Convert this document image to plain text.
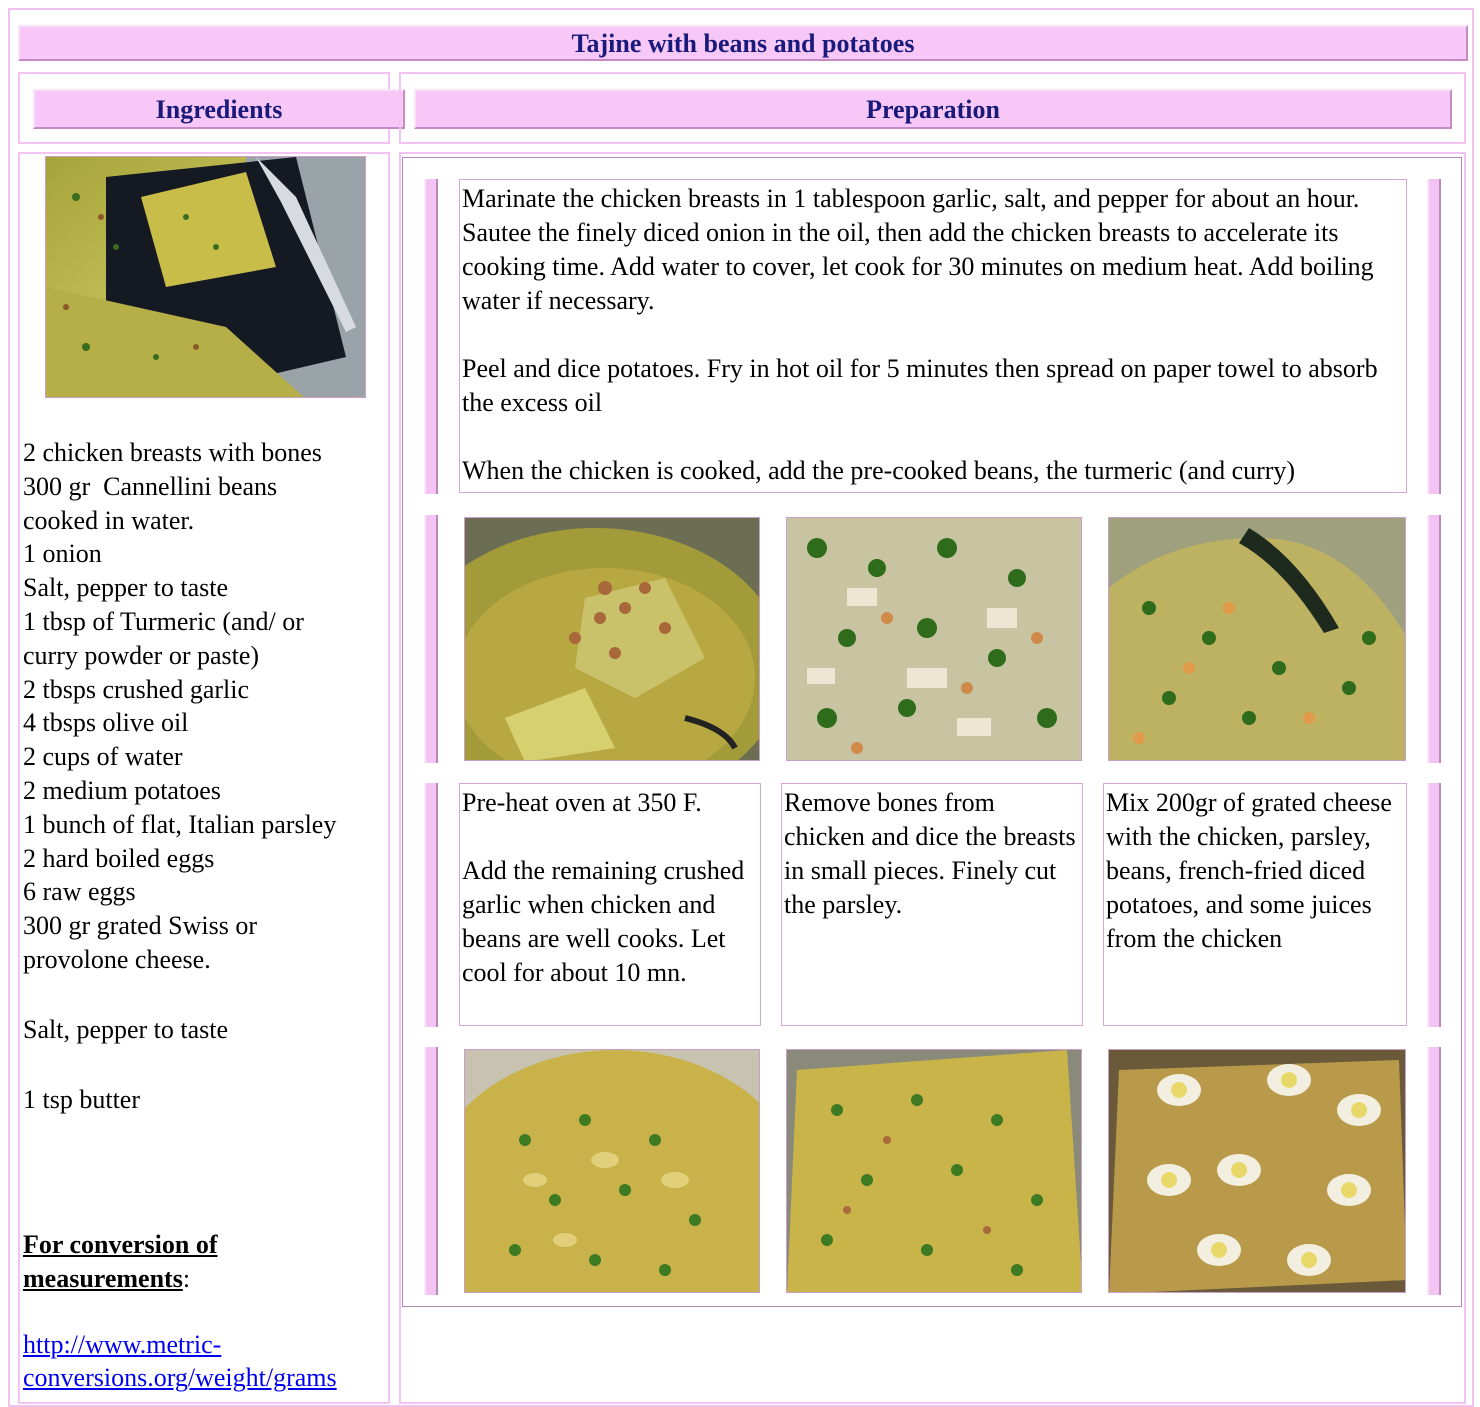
Tajine with beans and potatoes
Ingredients	Preparation

2 chicken breasts with bones

300 gr  Cannellini beans

cooked in water.

1 onion

Salt, pepper to taste

1 tbsp of Turmeric (and/ or

curry powder or paste)

2 tbsps crushed garlic

4 tbsps olive oil

2 cups of water

2 medium potatoes

1 bunch of flat, Italian parsley

2 hard boiled eggs

6 raw eggs

300 gr grated Swiss or

provolone cheese.

Salt, pepper to taste

1 tsp butter

For conversion of measurements:

http://www.metric-
conversions.org/weight/grams

Marinate the chicken breasts in 1 tablespoon garlic, salt, and pepper for about an hour. Sautee the finely diced onion in the oil, then add the chicken breasts to accelerate its cooking time. Add water to cover, let cook for 30 minutes on medium heat. Add boiling water if necessary.

Peel and dice potatoes. Fry in hot oil for 5 minutes then spread on paper towel to absorb the excess oil

When the chicken is cooked, add the pre-cooked beans, the turmeric (and curry)

Pre-heat oven at 350 F.

Add the remaining crushed garlic when chicken and beans are well cooks. Let cool for about 10 mn.

Remove bones from chicken and dice the breasts in small pieces. Finely cut the parsley.

Mix 200gr of grated cheese with the chicken, parsley, beans, french-fried diced potatoes, and some juices from the chicken
